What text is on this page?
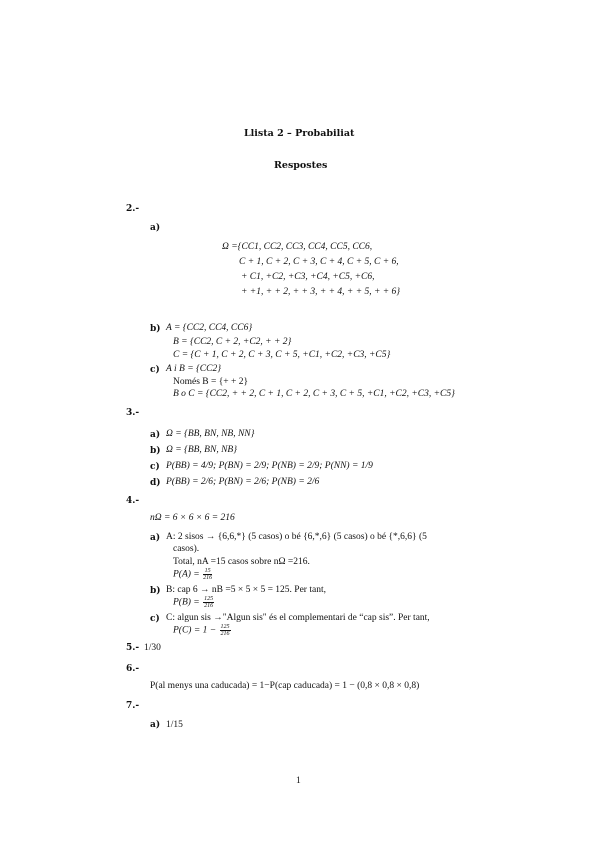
Llista 2 – Probabiliat
Respostes
2.-
a)
Ω ={CC1, CC2, CC3, CC4, CC5, CC6,
C + 1, C + 2, C + 3, C + 4, C + 5, C + 6,
+ C1, +C2, +C3, +C4, +C5, +C6,
+ +1, + + 2, + + 3, + + 4, + + 5, + + 6}
b) A = {CC2, CC4, CC6}
B = {CC2, C + 2, +C2, + + 2}
C = {C + 1, C + 2, C + 3, C + 5, +C1, +C2, +C3, +C5}
c) A i B = {CC2}
Només B = {+ + 2}
B o C = {CC2, + + 2, C + 1, C + 2, C + 3, C + 5, +C1, +C2, +C3, +C5}
3.-
a) Ω = {BB, BN, NB, NN}
b) Ω = {BB, BN, NB}
c) P(BB) = 4/9; P(BN) = 2/9; P(NB) = 2/9; P(NN) = 1/9
d) P(BB) = 2/6; P(BN) = 2/6; P(NB) = 2/6
4.-
nΩ = 6 × 6 × 6 = 216
a) A: 2 sisos → {6,6,*} (5 casos) o bé {6,*,6} (5 casos) o bé {*,6,6} (5
casos).
Total, nA =15 casos sobre nΩ =216.
$P(A) = \frac{15}{216}$
b) B: cap 6 → nB =5 × 5 × 5 = 125. Per tant,
$P(B) = \frac{125}{216}$
c) C: algun sis →"Algun sis" és el complementari de “cap sis”. Per tant,
$P(C) = 1 - \frac{125}{216}$
5.- 1/30
6.-
P(al menys una caducada) = 1−P(cap caducada) = 1 − (0,8 × 0,8 × 0,8)
7.-
a) 1/15
1
